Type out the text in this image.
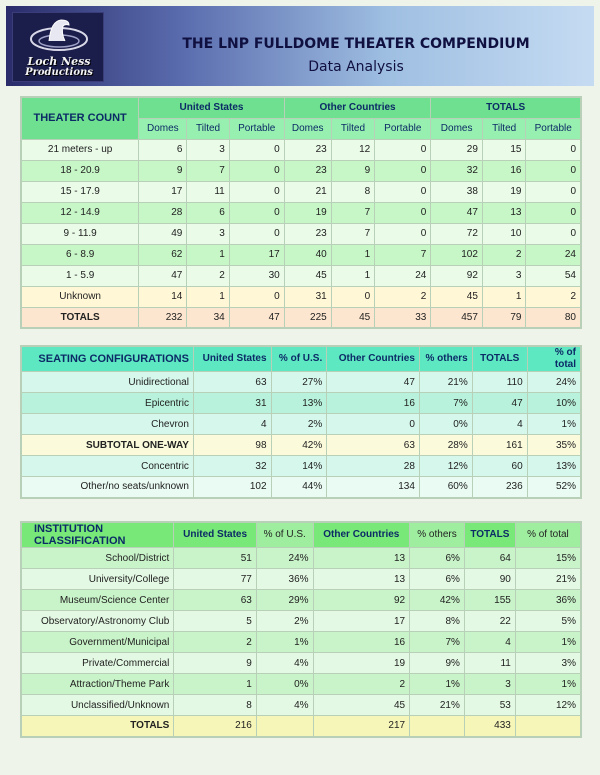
Loch Ness
Productions
THE LNP FULLDOME THEATER COMPENDIUM
Data Analysis
THEATER COUNT	United States			Other Countries			TOTALS		
	Domes	Tilted	Portable	Domes	Tilted	Portable	Domes	Tilted	Portable
21 meters - up	6	3	0	23	12	0	29	15	0
18 - 20.9	9	7	0	23	9	0	32	16	0
15 - 17.9	17	11	0	21	8	0	38	19	0
12 - 14.9	28	6	0	19	7	0	47	13	0
9 - 11.9	49	3	0	23	7	0	72	10	0
6 - 8.9	62	1	17	40	1	7	102	2	24
1 - 5.9	47	2	30	45	1	24	92	3	54
Unknown	14	1	0	31	0	2	45	1	2
TOTALS	232	34	47	225	45	33	457	79	80
SEATING CONFIGURATIONS	United States	% of U.S.	Other Countries	% others	TOTALS	% of total
Unidirectional	63	27%	47	21%	110	24%
Epicentric	31	13%	16	7%	47	10%
Chevron	4	2%	0	0%	4	1%
SUBTOTAL ONE-WAY	98	42%	63	28%	161	35%
Concentric	32	14%	28	12%	60	13%
Other/no seats/unknown	102	44%	134	60%	236	52%
INSTITUTION CLASSIFICATION	United States	% of U.S.	Other Countries	% others	TOTALS	% of total
School/District	51	24%	13	6%	64	15%
University/College	77	36%	13	6%	90	21%
Museum/Science Center	63	29%	92	42%	155	36%
Observatory/Astronomy Club	5	2%	17	8%	22	5%
Government/Municipal	2	1%	16	7%	4	1%
Private/Commercial	9	4%	19	9%	11	3%
Attraction/Theme Park	1	0%	2	1%	3	1%
Unclassified/Unknown	8	4%	45	21%	53	12%
TOTALS	216		217		433	
